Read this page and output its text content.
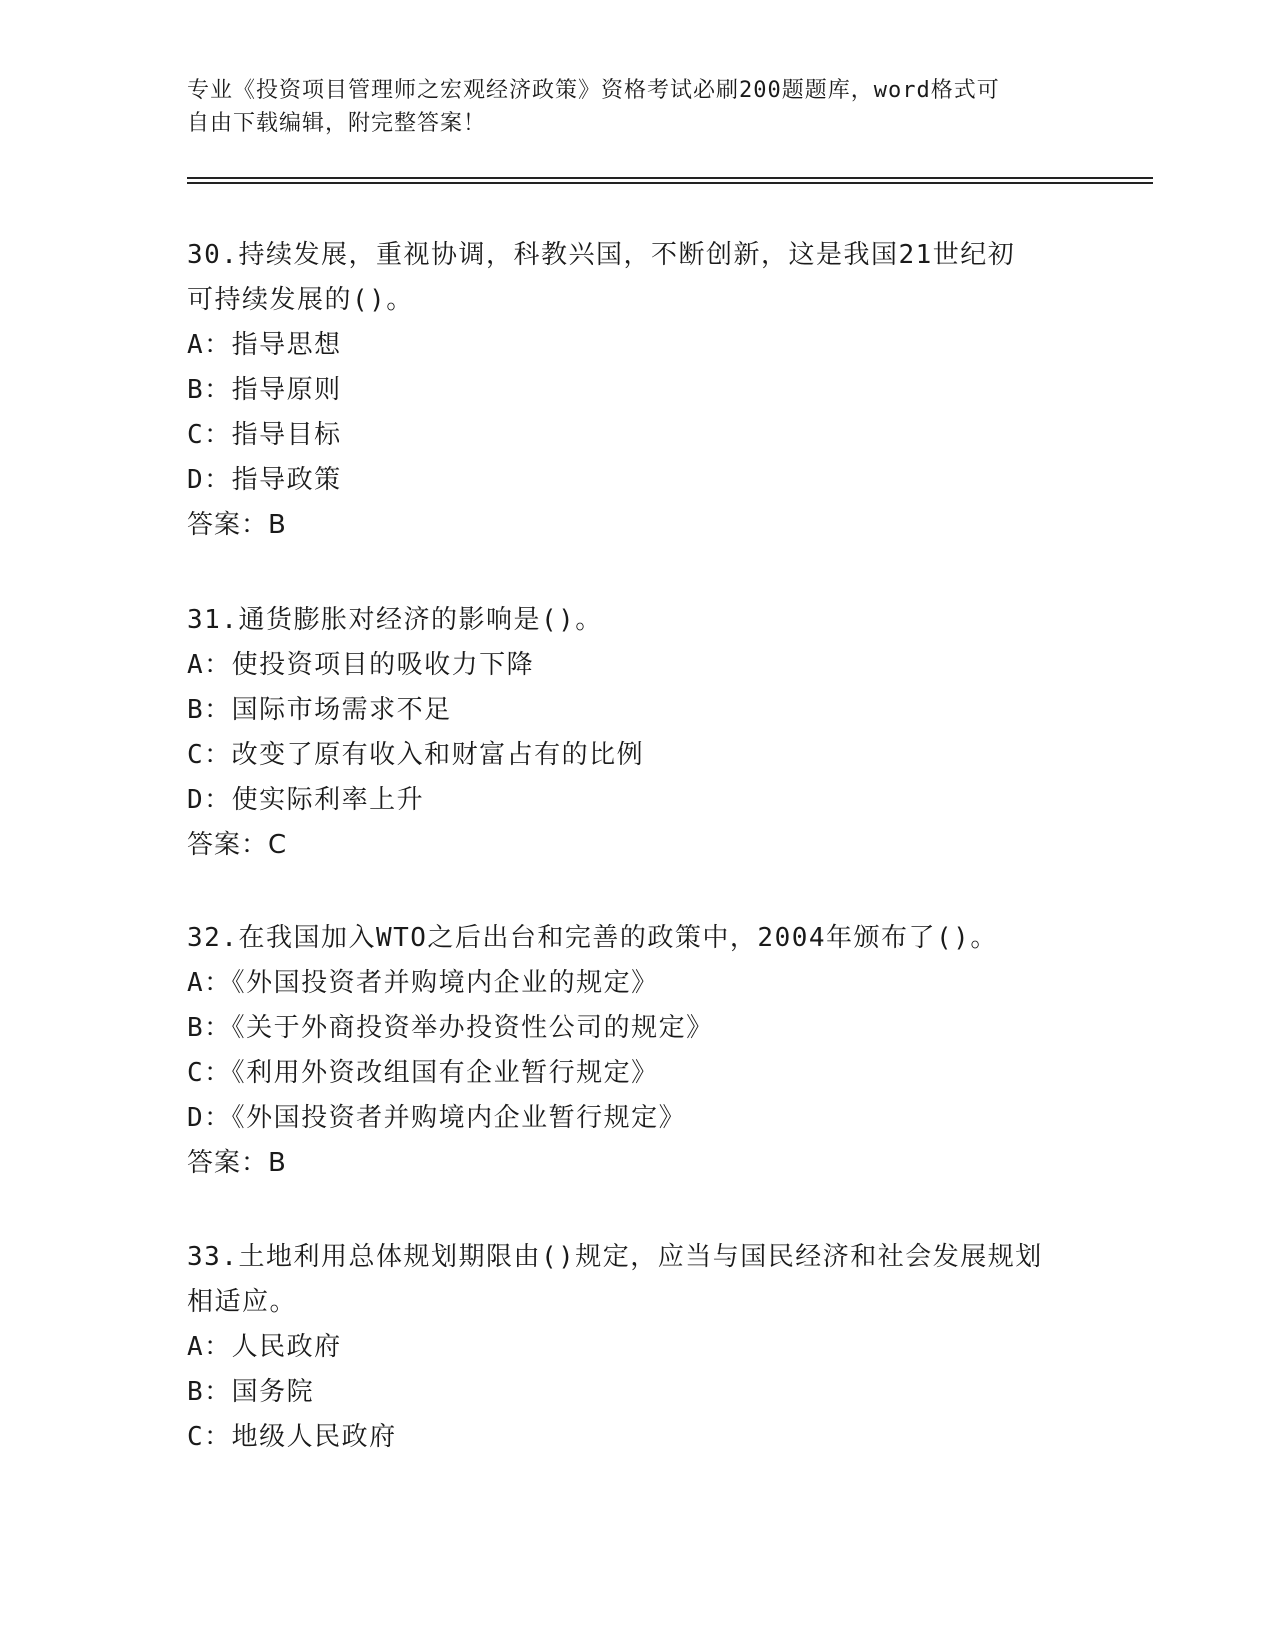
专业《投资项目管理师之宏观经济政策》资格考试必刷200题题库，word格式可
自由下载编辑，附完整答案！

30.持续发展，重视协调，科教兴国，不断创新，这是我国21世纪初
可持续发展的()。

A：指导思想

B：指导原则

C：指导目标

D：指导政策

答案：B

31.通货膨胀对经济的影响是()。

A：使投资项目的吸收力下降

B：国际市场需求不足

C：改变了原有收入和财富占有的比例

D：使实际利率上升

答案：C

32.在我国加入WTO之后出台和完善的政策中，2004年颁布了()。

A：《外国投资者并购境内企业的规定》

B：《关于外商投资举办投资性公司的规定》

C：《利用外资改组国有企业暂行规定》

D：《外国投资者并购境内企业暂行规定》

答案：B

33.土地利用总体规划期限由()规定，应当与国民经济和社会发展规划
相适应。

A：人民政府

B：国务院

C：地级人民政府
